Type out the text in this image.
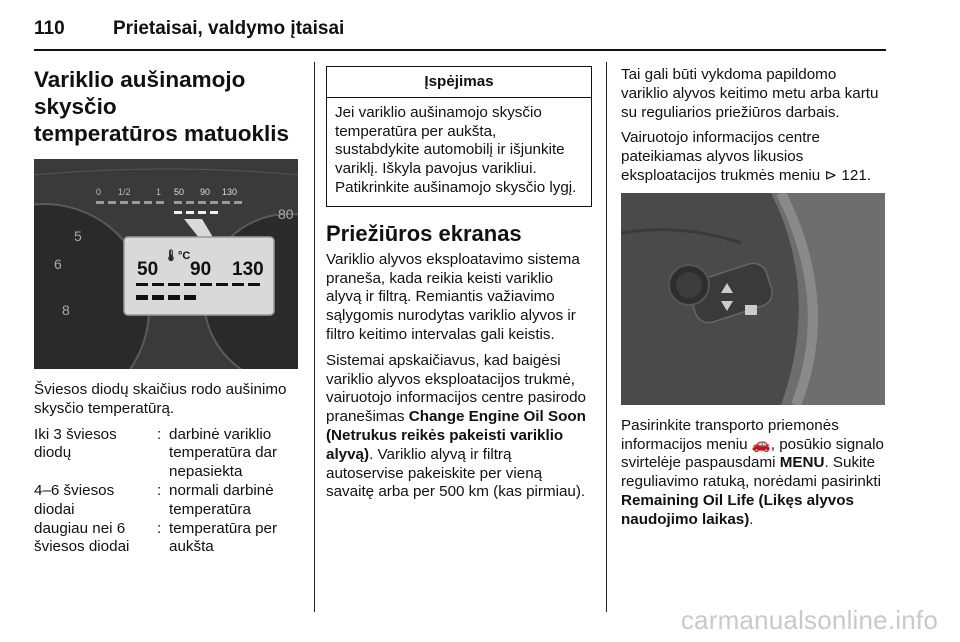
110	Prietaisai, valdymo įtaisai
Variklio aušinamojo skysčio
temperatūros matuoklis
0 1/2	1 50 90 130
50 90 130
🌡°C
5
6
8
80

Šviesos diodų skaičius rodo aušinimo skysčio temperatūrą.

Iki 3 šviesos diodų
: darbinė variklio temperatūra dar nepasiekta
4–6 šviesos diodai
: normali darbinė temperatūra
daugiau nei 6 šviesos diodai
: temperatūra per aukšta
Įspėjimas
Jei variklio aušinamojo skysčio temperatūra per aukšta, sustabdykite automobilį ir išjunkite variklį. Iškyla pavojus varikliui. Patikrinkite aušinamojo skysčio lygį.
Priežiūros ekranas

Variklio alyvos eksploatavimo sistema praneša, kada reikia keisti variklio alyvą ir filtrą. Remiantis važiavimo sąlygomis nurodytas variklio alyvos ir filtro keitimo intervalas gali keistis.

Sistemai apskaičiavus, kad baigėsi variklio alyvos eksploatacijos trukmė, vairuotojo informacijos centre pasirodo pranešimas Change Engine Oil Soon (Netrukus reikės pakeisti variklio alyvą). Variklio alyvą ir filtrą autoservise pakeiskite per vieną savaitę arba per 500 km (kas pirmiau).

Tai gali būti vykdoma papildomo variklio alyvos keitimo metu arba kartu su reguliarios priežiūros darbais.

Vairuotojo informacijos centre pateikiamas alyvos likusios eksploatacijos trukmės meniu ⊳ 121.

Pasirinkite transporto priemonės informacijos meniu 🚗, posūkio signalo svirtelėje paspausdami MENU. Sukite reguliavimo ratuką, norėdami pasirinkti Remaining Oil Life (Likęs alyvos naudojimo laikas).

carmanualsonline.info
